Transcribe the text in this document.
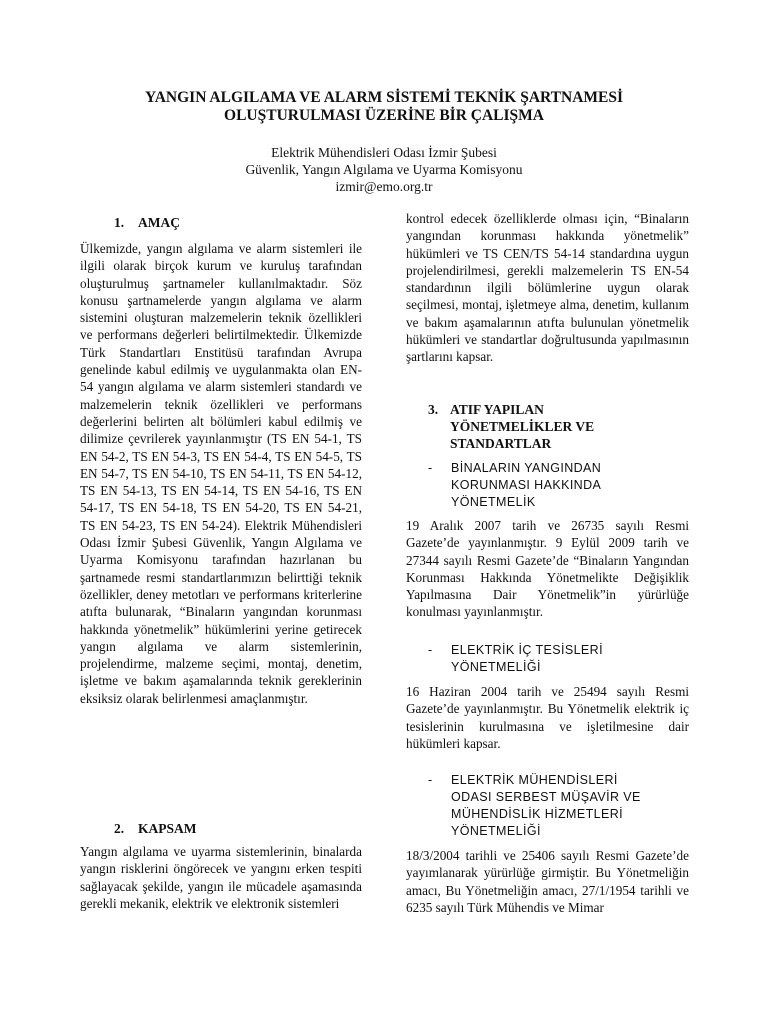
YANGIN ALGILAMA VE ALARM SİSTEMİ TEKNİK ŞARTNAMESİ
OLUŞTURULMASI ÜZERİNE BİR ÇALIŞMA
Elektrik Mühendisleri Odası İzmir Şubesi
Güvenlik, Yangın Algılama ve Uyarma Komisyonu
izmir@emo.org.tr
1. AMAÇ
Ülkemizde, yangın algılama ve alarm sistemleri ile ilgili olarak birçok kurum ve kuruluş tarafından oluşturulmuş şartnameler kullanılmaktadır. Söz konusu şartnamelerde yangın algılama ve alarm sistemini oluşturan malzemelerin teknik özellikleri ve performans değerleri belirtilmektedir. Ülkemizde Türk Standartları Enstitüsü tarafından Avrupa genelinde kabul edilmiş ve uygulanmakta olan EN-54 yangın algılama ve alarm sistemleri standardı ve malzemelerin teknik özellikleri ve performans değerlerini belirten alt bölümleri kabul edilmiş ve dilimize çevrilerek yayınlanmıştır (TS EN 54-1, TS EN 54-2, TS EN 54-3, TS EN 54-4, TS EN 54-5, TS EN 54-7, TS EN 54-10, TS EN 54-11, TS EN 54-12, TS EN 54-13, TS EN 54-14, TS EN 54-16, TS EN 54-17, TS EN 54-18, TS EN 54-20, TS EN 54-21, TS EN 54-23, TS EN 54-24). Elektrik Mühendisleri Odası İzmir Şubesi Güvenlik, Yangın Algılama ve Uyarma Komisyonu tarafından hazırlanan bu şartnamede resmi standartlarımızın belirttiği teknik özellikler, deney metotları ve performans kriterlerine atıfta bulunarak, “Binaların yangından korunması hakkında yönetmelik” hükümlerini yerine getirecek yangın algılama ve alarm sistemlerinin, projelendirme, malzeme seçimi, montaj, denetim, işletme ve bakım aşamalarında teknik gereklerinin eksiksiz olarak belirlenmesi amaçlanmıştır.
2. KAPSAM
Yangın algılama ve uyarma sistemlerinin, binalarda yangın risklerini öngörecek ve yangını erken tespiti sağlayacak şekilde, yangın ile mücadele aşamasında gerekli mekanik, elektrik ve elektronik sistemleri
kontrol edecek özelliklerde olması için, “Binaların yangından korunması hakkında yönetmelik” hükümleri ve TS CEN/TS 54-14 standardına uygun projelendirilmesi, gerekli malzemelerin TS EN-54 standardının ilgili bölümlerine uygun olarak seçilmesi, montaj, işletmeye alma, denetim, kullanım ve bakım aşamalarının atıfta bulunulan yönetmelik hükümleri ve standartlar doğrultusunda yapılmasının şartlarını kapsar.
3. ATIF YAPILAN
YÖNETMELİKLER VE
STANDARTLAR
- BİNALARIN YANGINDAN
KORUNMASI HAKKINDA
YÖNETMELİK
19 Aralık 2007 tarih ve 26735 sayılı Resmi Gazete’de yayınlanmıştır. 9 Eylül 2009 tarih ve 27344 sayılı Resmi Gazete’de “Binaların Yangından Korunması Hakkında Yönetmelikte Değişiklik Yapılmasına Dair Yönetmelik”in yürürlüğe konulması yayınlanmıştır.
- ELEKTRİK İÇ TESİSLERİ
YÖNETMELİĞİ
16 Haziran 2004 tarih ve 25494 sayılı Resmi Gazete’de yayınlanmıştır. Bu Yönetmelik elektrik iç tesislerinin kurulmasına ve işletilmesine dair hükümleri kapsar.
- ELEKTRİK MÜHENDİSLERİ
ODASI SERBEST MÜŞAVİR VE
MÜHENDİSLİK HİZMETLERİ
YÖNETMELİĞİ
18/3/2004 tarihli ve 25406 sayılı Resmi Gazete’de yayımlanarak yürürlüğe girmiştir. Bu Yönetmeliğin amacı, Bu Yönetmeliğin amacı, 27/1/1954 tarihli ve 6235 sayılı Türk Mühendis ve Mimar
